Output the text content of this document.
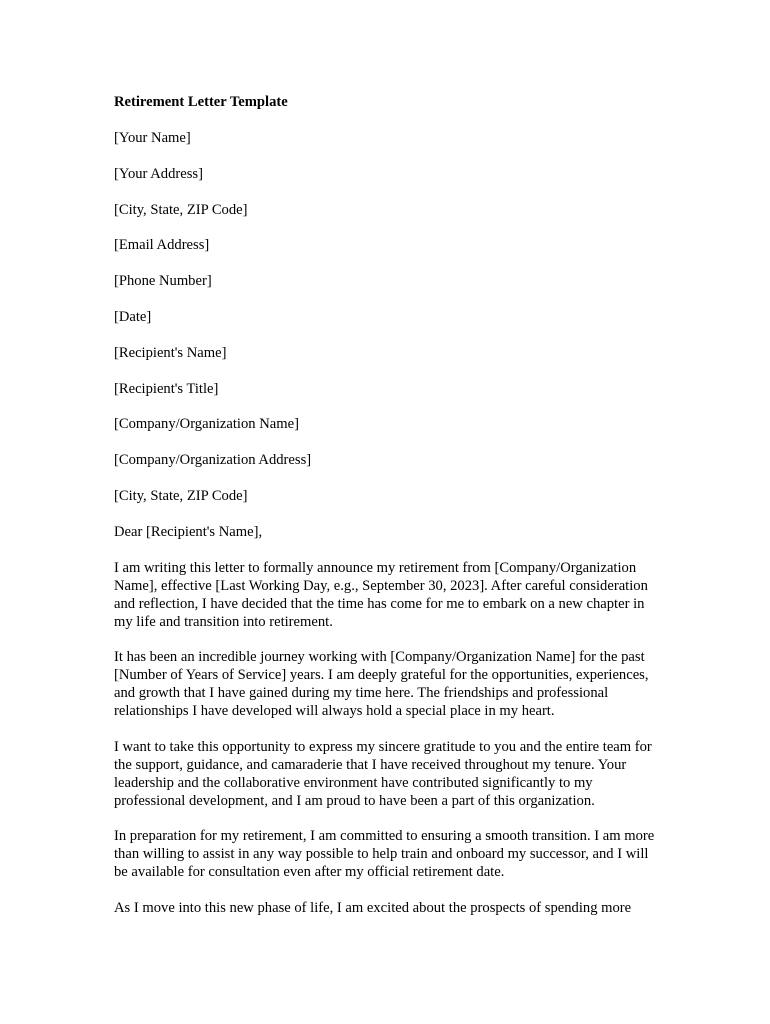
Retirement Letter Template
[Your Name]
[Your Address]
[City, State, ZIP Code]
[Email Address]
[Phone Number]
[Date]
[Recipient's Name]
[Recipient's Title]
[Company/Organization Name]
[Company/Organization Address]
[City, State, ZIP Code]
Dear [Recipient's Name],

I am writing this letter to formally announce my retirement from [Company/Organization Name], effective [Last Working Day, e.g., September 30, 2023]. After careful consideration and reflection, I have decided that the time has come for me to embark on a new chapter in my life and transition into retirement.

It has been an incredible journey working with [Company/Organization Name] for the past [Number of Years of Service] years. I am deeply grateful for the opportunities, experiences, and growth that I have gained during my time here. The friendships and professional relationships I have developed will always hold a special place in my heart.

I want to take this opportunity to express my sincere gratitude to you and the entire team for the support, guidance, and camaraderie that I have received throughout my tenure. Your leadership and the collaborative environment have contributed significantly to my professional development, and I am proud to have been a part of this organization.

In preparation for my retirement, I am committed to ensuring a smooth transition. I am more than willing to assist in any way possible to help train and onboard my successor, and I will be available for consultation even after my official retirement date.

As I move into this new phase of life, I am excited about the prospects of spending more
